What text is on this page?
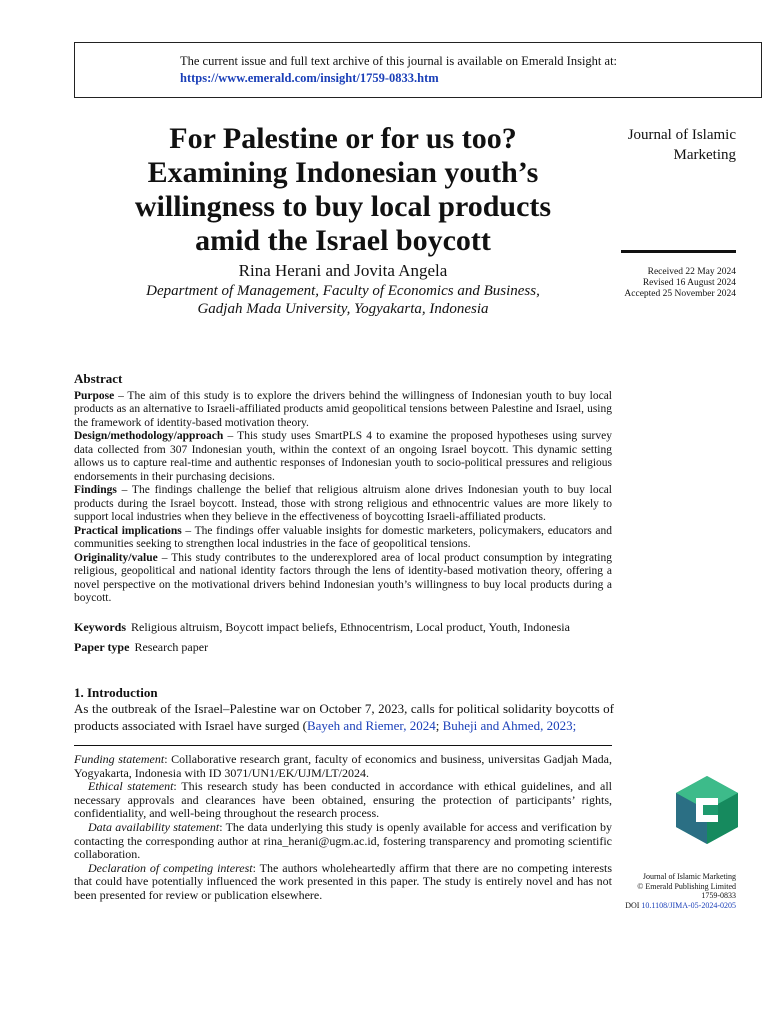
The current issue and full text archive of this journal is available on Emerald Insight at:
https://www.emerald.com/insight/1759-0833.htm
For Palestine or for us too?
Examining Indonesian youth’s
willingness to buy local products
amid the Israel boycott
Rina Herani and Jovita Angela
Department of Management, Faculty of Economics and Business,
Gadjah Mada University, Yogyakarta, Indonesia
Journal of Islamic
Marketing
Received 22 May 2024
Revised 16 August 2024
Accepted 25 November 2024
Abstract

Purpose – The aim of this study is to explore the drivers behind the willingness of Indonesian youth to buy local products as an alternative to Israeli-affiliated products amid geopolitical tensions between Palestine and Israel, using the framework of identity-based motivation theory.

Design/methodology/approach – This study uses SmartPLS 4 to examine the proposed hypotheses using survey data collected from 307 Indonesian youth, within the context of an ongoing Israel boycott. This dynamic setting allows us to capture real-time and authentic responses of Indonesian youth to socio-political pressures and religious endorsements in their purchasing decisions.

Findings – The findings challenge the belief that religious altruism alone drives Indonesian youth to buy local products during the Israel boycott. Instead, those with strong religious and ethnocentric values are more likely to support local industries when they believe in the effectiveness of boycotting Israeli-affiliated products.

Practical implications – The findings offer valuable insights for domestic marketers, policymakers, educators and communities seeking to strengthen local industries in the face of geopolitical tensions.

Originality/value – This study contributes to the underexplored area of local product consumption by integrating religious, geopolitical and national identity factors through the lens of identity-based motivation theory, offering a novel perspective on the motivational drivers behind Indonesian youth’s willingness to buy local products during a boycott.

Keywords Religious altruism, Boycott impact beliefs, Ethnocentrism, Local product, Youth, Indonesia
Paper type Research paper
1. Introduction
As the outbreak of the Israel–Palestine war on October 7, 2023, calls for political solidarity boycotts of products associated with Israel have surged (Bayeh and Riemer, 2024; Buheji and Ahmed, 2023;

Funding statement: Collaborative research grant, faculty of economics and business, universitas Gadjah Mada, Yogyakarta, Indonesia with ID 3071/UN1/EK/UJM/LT/2024.

Ethical statement: This research study has been conducted in accordance with ethical guidelines, and all necessary approvals and clearances have been obtained, ensuring the protection of participants’ rights, confidentiality, and well-being throughout the research process.

Data availability statement: The data underlying this study is openly available for access and verification by contacting the corresponding author at rina_herani@ugm.ac.id, fostering transparency and promoting scientific collaboration.

Declaration of competing interest: The authors wholeheartedly affirm that there are no competing interests that could have potentially influenced the work presented in this paper. The study is entirely novel and has not been presented for review or publication elsewhere.

Journal of Islamic Marketing
© Emerald Publishing Limited
1759-0833
DOI 10.1108/JIMA-05-2024-0205
